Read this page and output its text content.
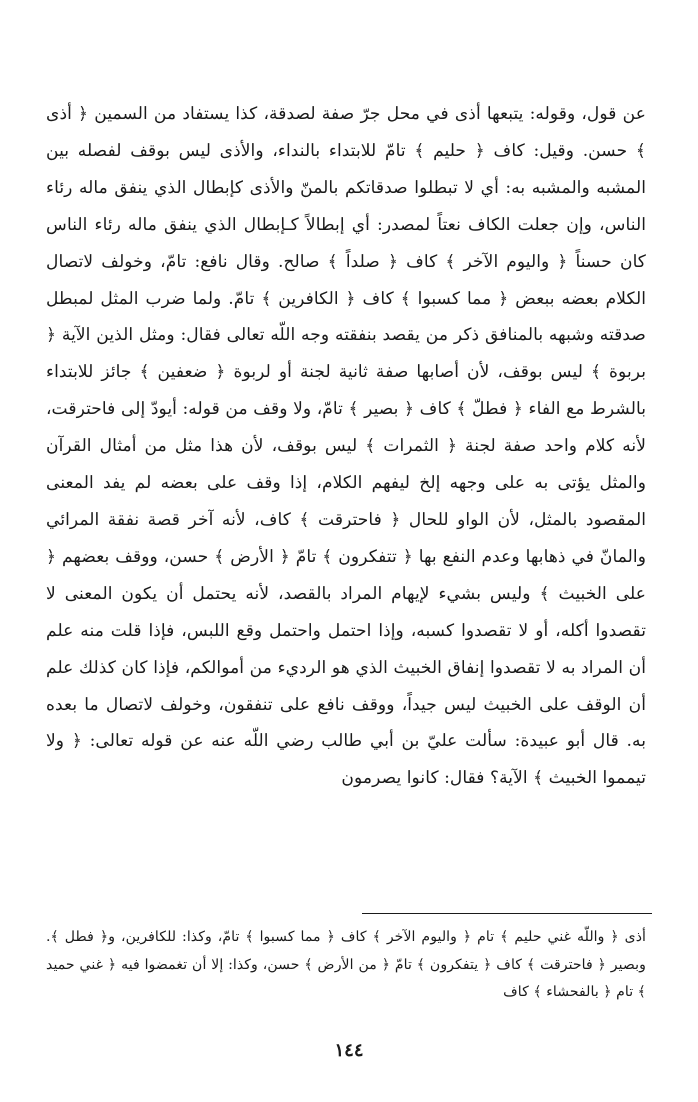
عن قول، وقوله: يتبعها أذى في محل جرّ صفة لصدقة، كذا يستفاد من السمين ﴿ أذى ﴾ حسن. وقيل: كاف ﴿ حليم ﴾ تامّ للابتداء بالنداء، والأذى ليس بوقف لفصله بين المشبه والمشبه به: أي لا تبطلوا صدقاتكم بالمنّ والأذى كإبطال الذي ينفق ماله رئاء الناس، وإن جعلت الكاف نعتاً لمصدر: أي إبطالاً كـإبطال الذي ينفق ماله رئاء الناس كان حسناً ﴿ واليوم الآخر ﴾ كاف ﴿ صلداً ﴾ صالح. وقال نافع: تامّ، وخولف لاتصال الكلام بعضه ببعض ﴿ مما كسبوا ﴾ كاف ﴿ الكافرين ﴾ تامّ. ولما ضرب المثل لمبطل صدقته وشبهه بالمنافق ذكر من يقصد بنفقته وجه اللّه تعالى فقال: ومثل الذين الآية ﴿ بربوة ﴾ ليس بوقف، لأن أصابها صفة ثانية لجنة أو لربوة ﴿ ضعفين ﴾ جائز للابتداء بالشرط مع الفاء ﴿ فطلّ ﴾ كاف ﴿ بصير ﴾ تامّ، ولا وقف من قوله: أيودّ إلى فاحترقت، لأنه كلام واحد صفة لجنة ﴿ الثمرات ﴾ ليس بوقف، لأن هذا مثل من أمثال القرآن والمثل يؤتى به على وجهه إلخ ليفهم الكلام، إذا وقف على بعضه لم يفد المعنى المقصود بالمثل، لأن الواو للحال ﴿ فاحترقت ﴾ كاف، لأنه آخر قصة نفقة المرائي والمانّ في ذهابها وعدم النفع بها ﴿ تتفكرون ﴾ تامّ ﴿ الأرض ﴾ حسن، ووقف بعضهم ﴿ على الخبيث ﴾ وليس بشيء لإيهام المراد بالقصد، لأنه يحتمل أن يكون المعنى لا تقصدوا أكله، أو لا تقصدوا كسبه، وإذا احتمل واحتمل وقع اللبس، فإذا قلت منه علم أن المراد به لا تقصدوا إنفاق الخبيث الذي هو الرديء من أموالكم، فإذا كان كذلك علم أن الوقف على الخبيث ليس جيداً، ووقف نافع على تنفقون، وخولف لاتصال ما بعده به. قال أبو عبيدة: سألت عليّ بن أبي طالب رضي اللّه عنه عن قوله تعالى: ﴿ ولا تيمموا الخبيث ﴾ الآية؟ فقال: كانوا يصرمون

أذى ﴿ واللّه غني حليم ﴾ تام ﴿ واليوم الآخر ﴾ كاف ﴿ مما كسبوا ﴾ تامّ، وكذا: للكافرين، و﴿ فطل ﴾. وبصير ﴿ فاحترقت ﴾ كاف ﴿ يتفكرون ﴾ تامّ ﴿ من الأرض ﴾ حسن، وكذا: إلا أن تغمضوا فيه ﴿ غني حميد ﴾ تام ﴿ بالفحشاء ﴾ كاف

١٤٤
